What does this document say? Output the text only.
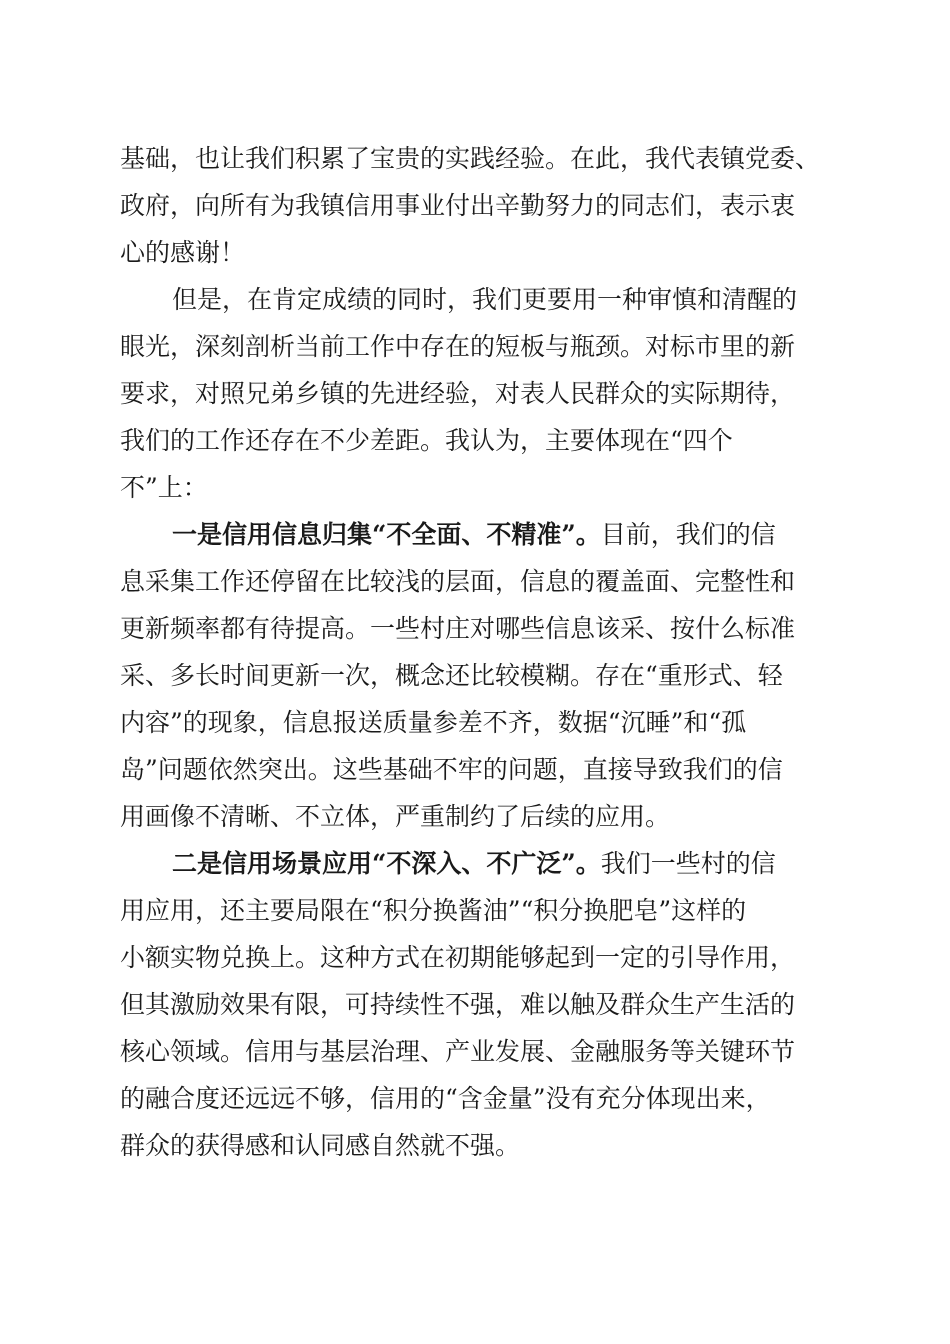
基础，也让我们积累了宝贵的实践经验。在此，我代表镇党委、
政府，向所有为我镇信用事业付出辛勤努力的同志们，表示衷
心的感谢！
但是，在肯定成绩的同时，我们更要用一种审慎和清醒的
眼光，深刻剖析当前工作中存在的短板与瓶颈。对标市里的新
要求，对照兄弟乡镇的先进经验，对表人民群众的实际期待，
我们的工作还存在不少差距。我认为，主要体现在“四个
不”上：
一是信用信息归集“不全面、不精准”。目前，我们的信
息采集工作还停留在比较浅的层面，信息的覆盖面、完整性和
更新频率都有待提高。一些村庄对哪些信息该采、按什么标准
采、多长时间更新一次，概念还比较模糊。存在“重形式、轻
内容”的现象，信息报送质量参差不齐，数据“沉睡”和“孤
岛”问题依然突出。这些基础不牢的问题，直接导致我们的信
用画像不清晰、不立体，严重制约了后续的应用。
二是信用场景应用“不深入、不广泛”。我们一些村的信
用应用，还主要局限在“积分换酱油”“积分换肥皂”这样的
小额实物兑换上。这种方式在初期能够起到一定的引导作用，
但其激励效果有限，可持续性不强，难以触及群众生产生活的
核心领域。信用与基层治理、产业发展、金融服务等关键环节
的融合度还远远不够，信用的“含金量”没有充分体现出来，
群众的获得感和认同感自然就不强。
